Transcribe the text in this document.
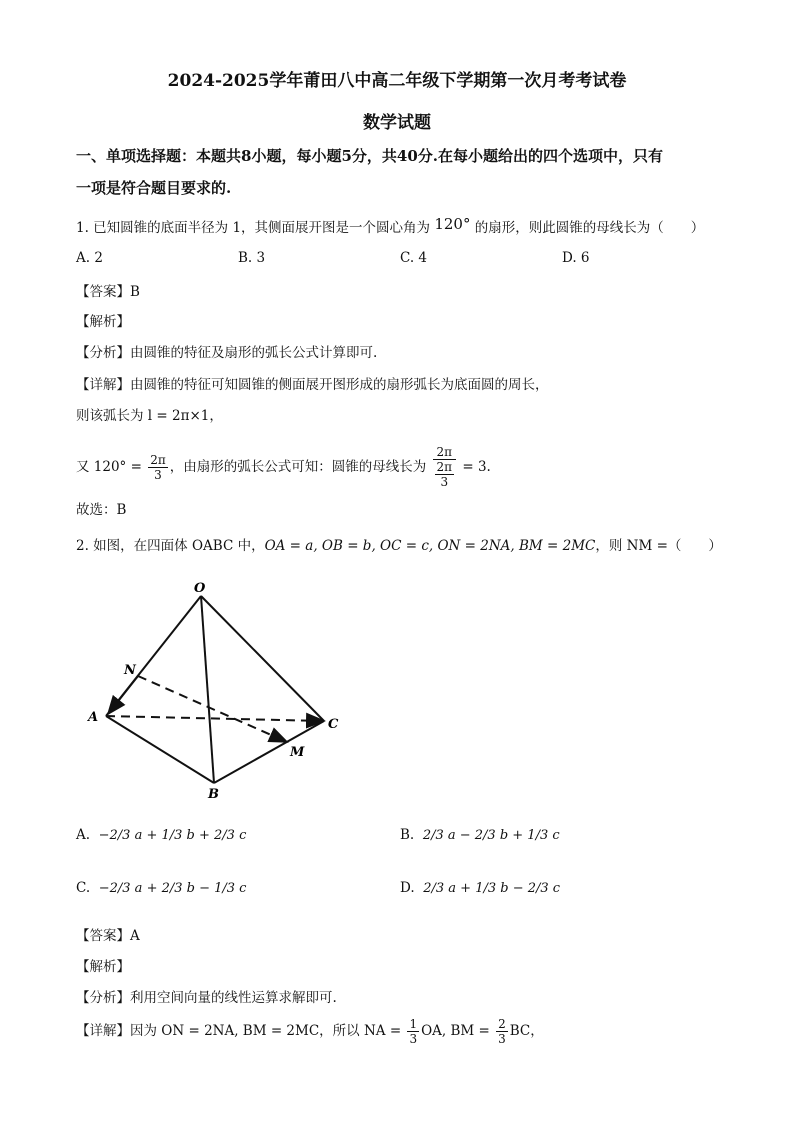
2024-2025学年莆田八中高二年级下学期第一次月考考试卷
数学试题
一、单项选择题：本题共8小题，每小题5分，共40分.在每小题给出的四个选项中，只有
一项是符合题目要求的.
1. 已知圆锥的底面半径为 1，其侧面展开图是一个圆心角为 120° 的扇形，则此圆锥的母线长为（　　）
A. 2	B. 3	C. 4	D. 6
【答案】B
【解析】
【分析】由圆锥的特征及扇形的弧长公式计算即可.
【详解】由圆锥的特征可知圆锥的侧面展开图形成的扇形弧长为底面圆的周长，
则该弧长为 l = 2π×1，
又 $120^\circ = \frac{2\pi}{3}$ ，由扇形的弧长公式可知：圆锥的母线长为 $\frac{2\pi}{\frac{2\pi}{3}} = 3$.
故选：B
2. 如图，在四面体 OABC 中，OA = a, OB = b, OC = c, ON = 2NA, BM = 2MC，则 NM =（　　）
O
N
A	C
M
B
A. −2/3 a + 1/3 b + 2/3 c	B. 2/3 a − 2/3 b + 1/3 c
C. −2/3 a + 2/3 b − 1/3 c	D. 2/3 a + 1/3 b − 2/3 c
【答案】A
【解析】
【分析】利用空间向量的线性运算求解即可.
【详解】因为 ON = 2NA, BM = 2MC，所以 NA = $\frac{1}{3}$ OA, BM = $\frac{2}{3}$ BC，
